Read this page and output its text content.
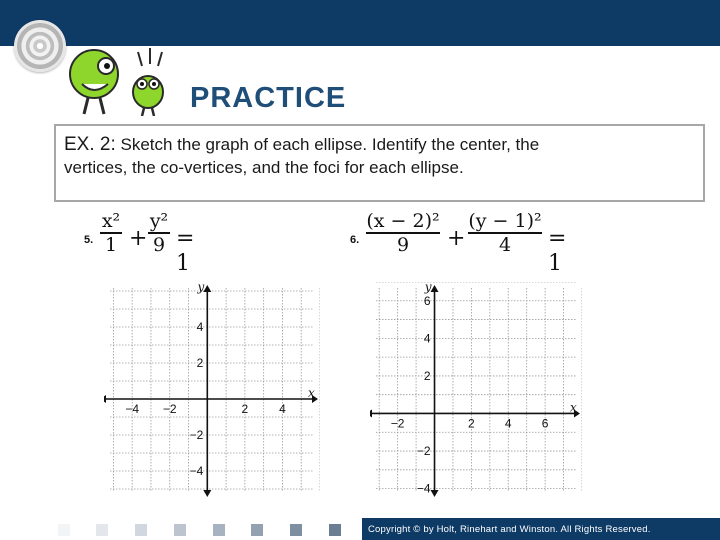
PRACTICE
EX. 2: Sketch the graph of each ellipse. Identify the center, the
vertices, the co-vertices, and the foci for each ellipse.
5.
x²
1 +
y²
9 = 1
6.
(x − 2)²
9	+
(y − 1)²
4	= 1
x
y
−4 −2	2	4
4
2
−2
−4
x
y
−2	2	4	6
6
4
2
−2
−4
Copyright © by Holt, Rinehart and Winston. All Rights Reserved.
